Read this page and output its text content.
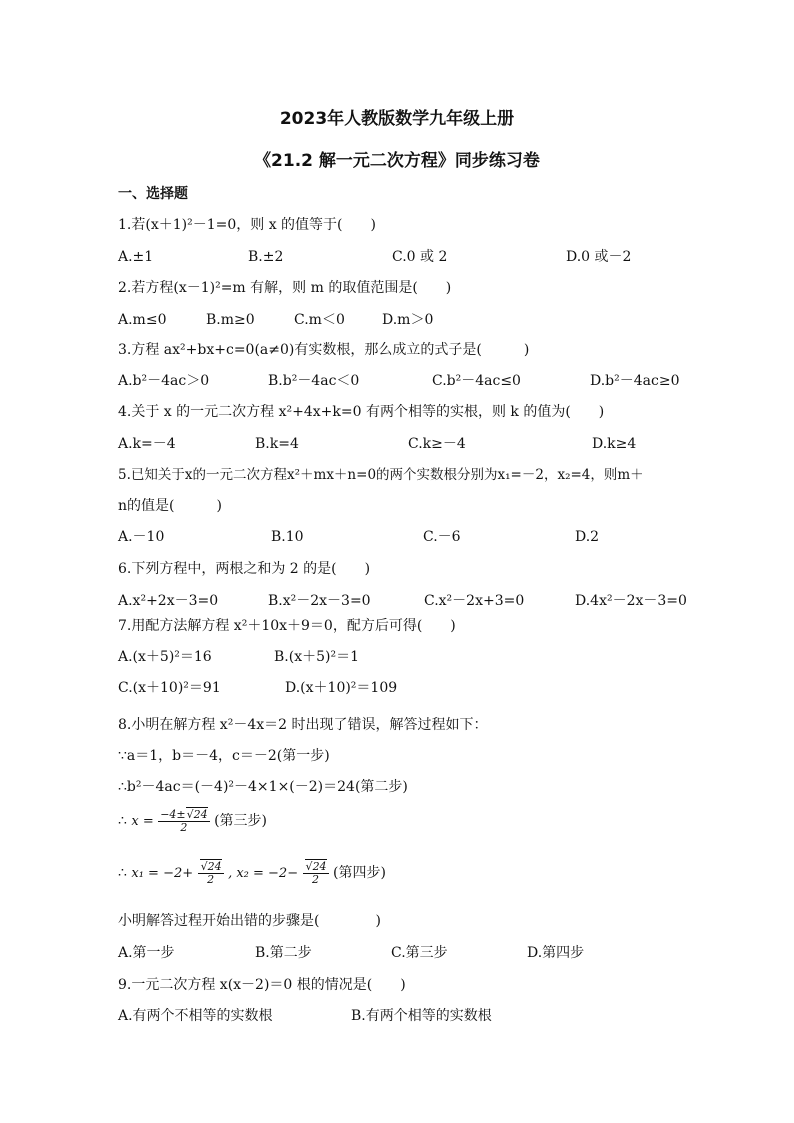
2023年人教版数学九年级上册
《21.2 解一元二次方程》同步练习卷
一、选择题
1.若(x＋1)²－1=0，则 x 的值等于(　　)
A.±1	B.±2	C.0 或 2	D.0 或－2
2.若方程(x－1)²=m 有解，则 m 的取值范围是(　　)
A.m≤0	B.m≥0	C.m＜0	D.m＞0
3.方程 ax²+bx+c=0(a≠0)有实数根，那么成立的式子是(　　　)
A.b²－4ac＞0	B.b²－4ac＜0	C.b²－4ac≤0	D.b²－4ac≥0
4.关于 x 的一元二次方程 x²+4x+k=0 有两个相等的实根，则 k 的值为(　　)
A.k=－4	B.k=4	C.k≥－4	D.k≥4
5.已知关于x的一元二次方程x²＋mx＋n=0的两个实数根分别为x₁=－2，x₂=4，则m＋
n的值是(　　　)
A.－10	B.10	C.－6	D.2
6.下列方程中，两根之和为 2 的是(　　)
A.x²+2x－3=0	B.x²－2x－3=0	C.x²－2x+3=0	D.4x²－2x－3=0
7.用配方法解方程 x²＋10x＋9＝0，配方后可得(　　)
A.(x＋5)²＝16	B.(x＋5)²＝1
C.(x＋10)²＝91	D.(x＋10)²＝109
8.小明在解方程 x²－4x＝2 时出现了错误，解答过程如下：
∵a＝1，b＝－4，c＝－2(第一步)
∴b²－4ac＝(－4)²－4×1×(－2)＝24(第二步)
∴ $x = \frac{-4\pm√24}{2}$ (第三步)
∴ $x_1 = -2+ \frac{√24}{2}$ , $x_2 = -2- \frac{√24}{2}$ (第四步)
小明解答过程开始出错的步骤是(　　　　)
A.第一步	B.第二步	C.第三步	D.第四步
9.一元二次方程 x(x－2)＝0 根的情况是(　　)
A.有两个不相等的实数根	B.有两个相等的实数根
